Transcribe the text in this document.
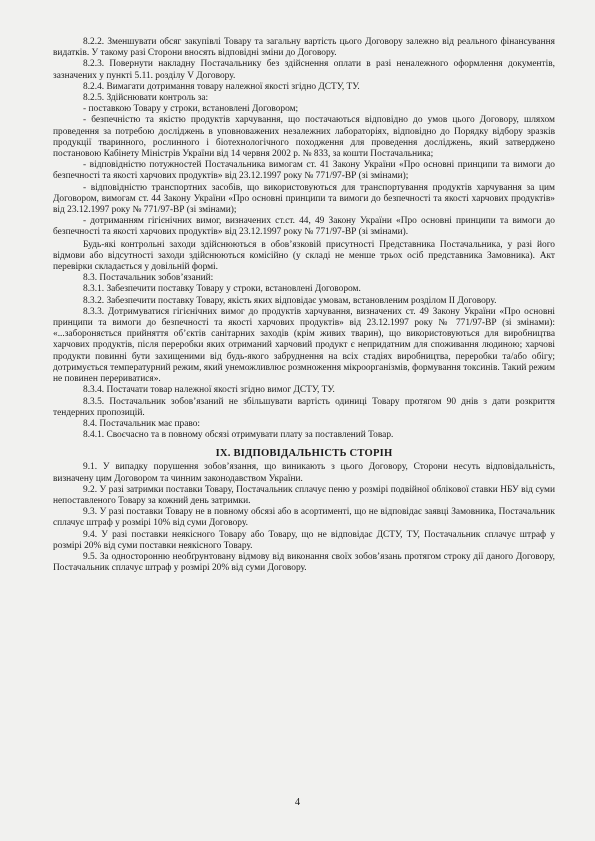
8.2.2. Зменшувати обсяг закупівлі Товару та загальну вартість цього Договору залежно від реального фінансування видатків. У такому разі Сторони вносять відповідні зміни до Договору.

8.2.3. Повернути накладну Постачальнику без здійснення оплати в разі неналежного оформлення документів, зазначених у пункті 5.11. розділу V Договору.

8.2.4. Вимагати дотримання товару належної якості згідно ДСТУ, ТУ.

8.2.5. Здійснювати контроль за:

- поставкою Товару у строки, встановлені Договором;

- безпечністю та якістю продуктів харчування, що постачаються відповідно до умов цього Договору, шляхом проведення за потребою досліджень в уповноважених незалежних лабораторіях, відповідно до Порядку відбору зразків продукції тваринного, рослинного і біотехнологічного походження для проведення досліджень, який затверджено постановою Кабінету Міністрів України від 14 червня 2002 р. № 833, за кошти Постачальника;

- відповідністю потужностей Постачальника вимогам ст. 41 Закону України «Про основні принципи та вимоги до безпечності та якості харчових продуктів» від 23.12.1997 року № 771/97-ВР (зі змінами);

- відповідністю транспортних засобів, що використовуються для транспортування продуктів харчування за цим Договором, вимогам ст. 44 Закону України «Про основні принципи та вимоги до безпечності та якості харчових продуктів» від 23.12.1997 року № 771/97-ВР (зі змінами);

- дотриманням гігієнічних вимог, визначених ст.ст. 44, 49 Закону України «Про основні принципи та вимоги до безпечності та якості харчових продуктів» від 23.12.1997 року № 771/97-ВР (зі змінами).

Будь-які контрольні заходи здійснюються в обов’язковій присутності Представника Постачальника, у разі його відмови або відсутності заходи здійснюються комісійно (у складі не менше трьох осіб представника Замовника). Акт перевірки складається у довільній формі.

8.3. Постачальник зобов’язаний:

8.3.1. Забезпечити поставку Товару у строки, встановлені Договором.

8.3.2. Забезпечити поставку Товару, якість яких відповідає умовам, встановленим розділом ІІ Договору.

8.3.3. Дотримуватися гігієнічних вимог до продуктів харчування, визначених ст. 49 Закону України «Про основні принципи та вимоги до безпечності та якості харчових продуктів» від 23.12.1997 року № 771/97-ВР (зі змінами): «...забороняється прийняття об’єктів санітарних заходів (крім живих тварин), що використовуються для виробництва харчових продуктів, після переробки яких отриманий харчовий продукт є непридатним для споживання людиною; харчові продукти повинні бути захищеними від будь-якого забруднення на всіх стадіях виробництва, переробки та/або обігу; дотримується температурний режим, який унеможливлює розмноження мікроорганізмів, формування токсинів. Такий режим не повинен перериватися».

8.3.4. Постачати товар належної якості згідно вимог ДСТУ, ТУ.

8.3.5. Постачальник зобов’язаний не збільшувати вартість одиниці Товару протягом 90 днів з дати розкриття тендерних пропозицій.

8.4. Постачальник має право:

8.4.1. Своєчасно та в повному обсязі отримувати плату за поставлений Товар.

ІХ. ВІДПОВІДАЛЬНІСТЬ СТОРІН

9.1. У випадку порушення зобов’язання, що виникають з цього Договору, Сторони несуть відповідальність, визначену цим Договором та чинним законодавством України.

9.2. У разі затримки поставки Товару, Постачальник сплачує пеню у розмірі подвійної облікової ставки НБУ від суми непоставленого Товару за кожний день затримки.

9.3. У разі поставки Товару не в повному обсязі або в асортименті, що не відповідає заявці Замовника, Постачальник сплачує штраф у розмірі 10% від суми Договору.

9.4. У разі поставки неякісного Товару або Товару, що не відповідає ДСТУ, ТУ, Постачальник сплачує штраф у розмірі 20% від суми поставки неякісного Товару.

9.5. За односторонню необґрунтовану відмову від виконання своїх зобов’язань протягом строку дії даного Договору, Постачальник сплачує штраф у розмірі 20% від суми Договору.

4
